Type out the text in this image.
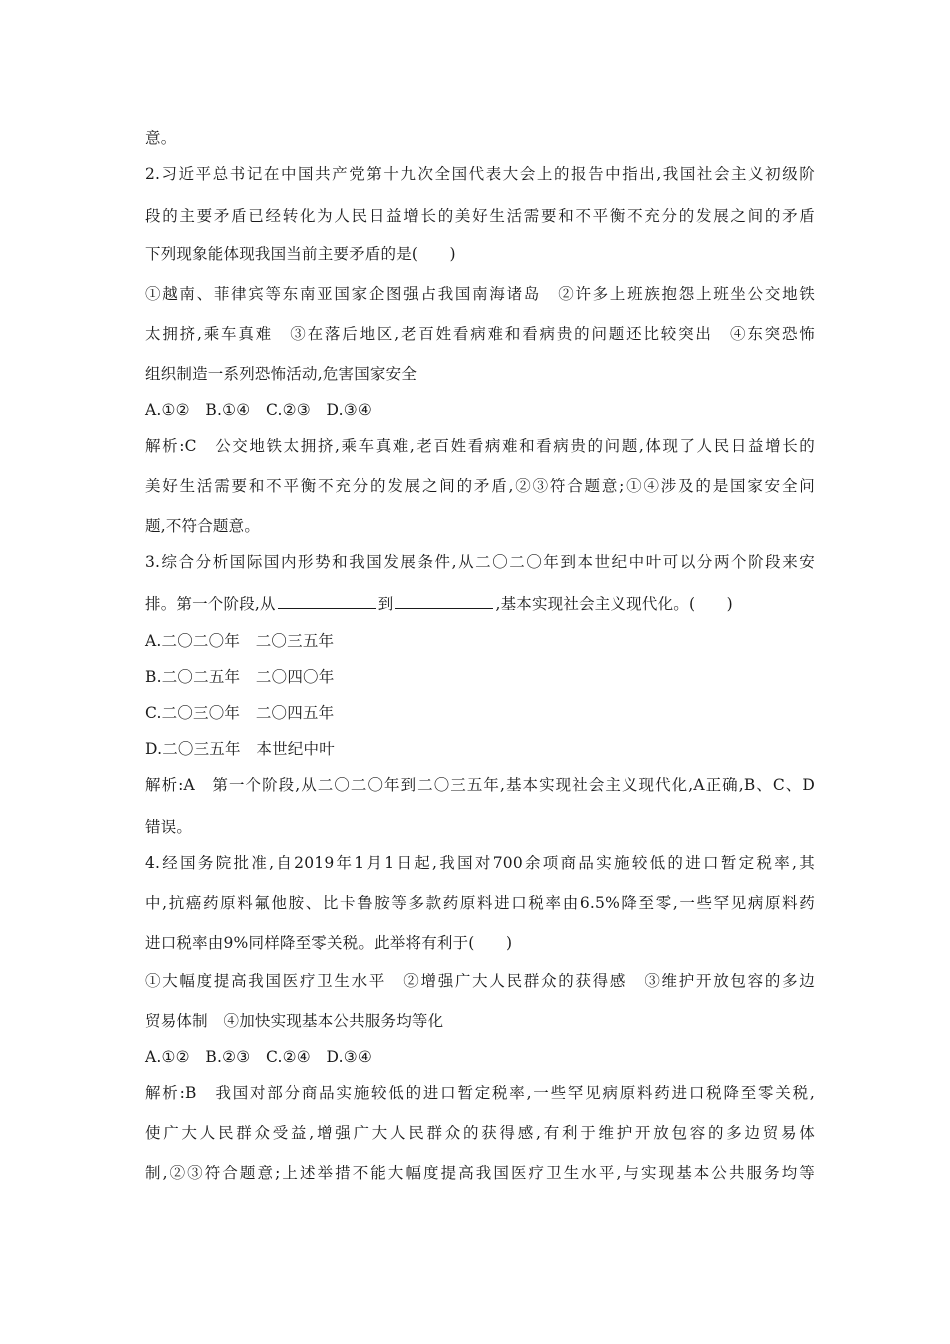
意。
2.习近平总书记在中国共产党第十九次全国代表大会上的报告中指出,我国社会主义初级阶
段的主要矛盾已经转化为人民日益增长的美好生活需要和不平衡不充分的发展之间的矛盾
下列现象能体现我国当前主要矛盾的是(　　)
①越南、菲律宾等东南亚国家企图强占我国南海诸岛　②许多上班族抱怨上班坐公交地铁
太拥挤,乘车真难　③在落后地区,老百姓看病难和看病贵的问题还比较突出　④东突恐怖
组织制造一系列恐怖活动,危害国家安全
A.①②　B.①④　C.②③　D.③④
解析:C　公交地铁太拥挤,乘车真难,老百姓看病难和看病贵的问题,体现了人民日益增长的
美好生活需要和不平衡不充分的发展之间的矛盾,②③符合题意;①④涉及的是国家安全问
题,不符合题意。
3.综合分析国际国内形势和我国发展条件,从二〇二〇年到本世纪中叶可以分两个阶段来安
排。第一个阶段,从	到	,基本实现社会主义现代化。(　　)
A.二〇二〇年　二〇三五年
B.二〇二五年　二〇四〇年
C.二〇三〇年　二〇四五年
D.二〇三五年　本世纪中叶
解析:A　第一个阶段,从二〇二〇年到二〇三五年,基本实现社会主义现代化,A正确,B、C、D
错误。
4.经国务院批准,自2019年1月1日起,我国对700余项商品实施较低的进口暂定税率,其
中,抗癌药原料氟他胺、比卡鲁胺等多款药原料进口税率由6.5%降至零,一些罕见病原料药
进口税率由9%同样降至零关税。此举将有利于(　　)
①大幅度提高我国医疗卫生水平　②增强广大人民群众的获得感　③维护开放包容的多边
贸易体制　④加快实现基本公共服务均等化
A.①②　B.②③　C.②④　D.③④
解析:B　我国对部分商品实施较低的进口暂定税率,一些罕见病原料药进口税降至零关税,
使广大人民群众受益,增强广大人民群众的获得感,有利于维护开放包容的多边贸易体
制,②③符合题意;上述举措不能大幅度提高我国医疗卫生水平,与实现基本公共服务均等
